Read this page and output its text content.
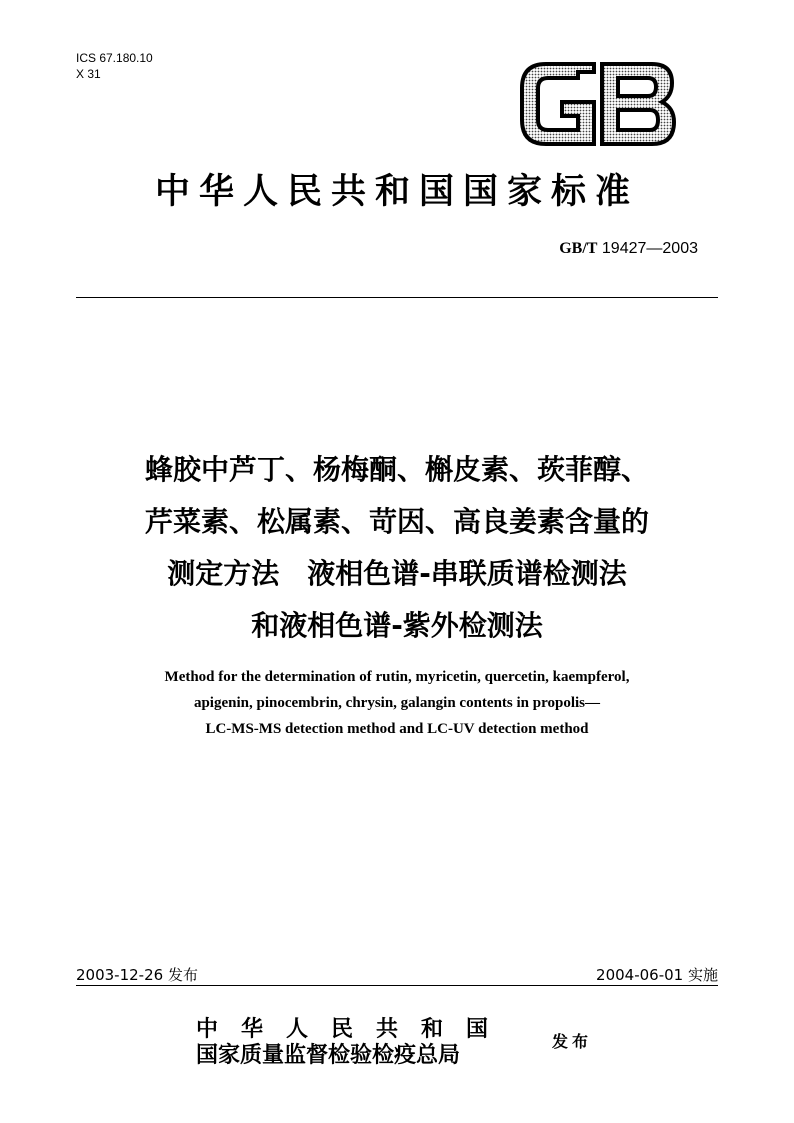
ICS 67.180.10
X 31
中华人民共和国国家标准
GB/T 19427—2003
蜂胶中芦丁、杨梅酮、槲皮素、莰菲醇、
芹菜素、松属素、苛因、高良姜素含量的
测定方法　液相色谱-串联质谱检测法
和液相色谱-紫外检测法
Method for the determination of rutin, myricetin, quercetin, kaempferol,
apigenin, pinocembrin, chrysin, galangin contents in propolis—
LC-MS-MS detection method and LC-UV detection method
2003-12-26 发布	2004-06-01 实施
中华人民共和国
国家质量监督检验检疫总局
发布
